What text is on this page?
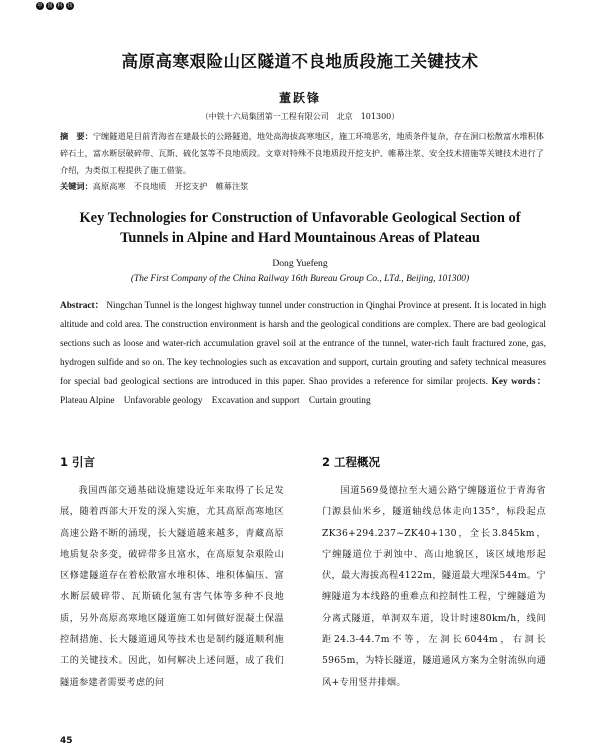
中 国 科 技
高原高寒艰险山区隧道不良地质段施工关键技术
董跃锋
（中铁十六局集团第一工程有限公司　北京　101300）
摘　要：宁缠隧道是目前青海省在建最长的公路隧道，地处高海拔高寒地区，施工环境恶劣，地质条件复杂，存在洞口松散富水堆积体碎石土，富水断层破碎带、瓦斯、硫化氢等不良地质段。文章对特殊不良地质段开挖支护、帷幕注浆、安全技术措施等关键技术进行了介绍，为类似工程提供了施工借鉴。
关键词：高原高寒　不良地质　开挖支护　帷幕注浆
Key Technologies for Construction of Unfavorable Geological Section of
Tunnels in Alpine and Hard Mountainous Areas of Plateau
Dong Yuefeng
(The First Company of the China Railway 16th Bureau Group Co., LTd., Beijing, 101300)
Abstract： Ningchan Tunnel is the longest highway tunnel under construction in Qinghai Province at present. It is located in high altitude and cold area. The construction environment is harsh and the geological conditions are complex. There are bad geological sections such as loose and water-rich accumulation gravel soil at the entrance of the tunnel, water-rich fault fractured zone, gas, hydrogen sulfide and so on. The key technologies such as excavation and support, curtain grouting and safety technical measures for special bad geological sections are introduced in this paper. Shao provides a reference for similar projects. Key words： Plateau Alpine　Unfavorable geology　Excavation and support　Curtain grouting
1 引言

我国西部交通基础设施建设近年来取得了长足发展，随着西部大开发的深入实施，尤其高原高寒地区高速公路不断的涌现，长大隧道越来越多，青藏高原地质复杂多变，破碎带多且富水，在高原复杂艰险山区修建隧道存在着松散富水堆积体、堆积体偏压、富水断层破碎带、瓦斯硫化氢有害气体等多种不良地质，另外高原高寒地区隧道施工如何做好混凝土保温控制措施、长大隧道通风等技术也是制约隧道顺利施工的关键技术。因此，如何解决上述问题，成了我们隧道参建者需要考虑的问

2 工程概况

国道569曼德拉至大通公路宁缠隧道位于青海省门源县仙米乡，隧道轴线总体走向135°，标段起点ZK36+294.237~ZK40+130，全长3.845km，宁缠隧道位于剥蚀中、高山地貌区，该区域地形起伏，最大海拔高程4122m，隧道最大埋深544m。宁缠隧道为本线路的重难点和控制性工程，宁缠隧道为分离式隧道，单洞双车道，设计时速80km/h，线间距24.3-44.7m不等，左洞长6044m，右洞长5965m，为特长隧道，隧道通风方案为全射流纵向通风+专用竖井排烟。

45
